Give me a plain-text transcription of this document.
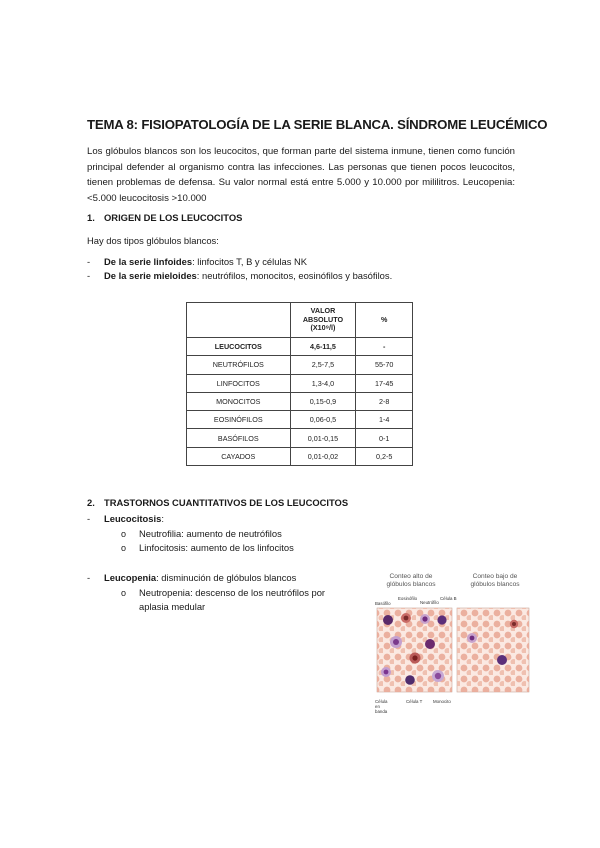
TEMA 8: FISIOPATOLOGÍA DE LA SERIE BLANCA. SÍNDROME LEUCÉMICO
Los glóbulos blancos son los leucocitos, que forman parte del sistema inmune, tienen como función principal defender al organismo contra las infecciones. Las personas que tienen pocos leucocitos, tienen problemas de defensa. Su valor normal está entre 5.000 y 10.000 por mililitros. Leucopenia: <5.000 leucocitosis >10.000
1. ORIGEN DE LOS LEUCOCITOS
Hay dos tipos glóbulos blancos:
- De la serie linfoides: linfocitos T, B y células NK
- De la serie mieloides: neutrófilos, monocitos, eosinófilos y basófilos.
	VALOR ABSOLUTO (X10⁹/l)	%
LEUCOCITOS	4,6-11,5	-
NEUTRÓFILOS	2,5-7,5	55-70
LINFOCITOS	1,3-4,0	17-45
MONOCITOS	0,15-0,9	2-8
EOSINÓFILOS	0,06-0,5	1-4
BASÓFILOS	0,01-0,15	0-1
CAYADOS	0,01-0,02	0,2-5
2. TRASTORNOS CUANTITATIVOS DE LOS LEUCOCITOS
- Leucocitosis:
o Neutrofilia: aumento de neutrófilos
o Linfocitosis: aumento de los linfocitos
- Leucopenia: disminución de glóbulos blancos
o Neutropenia: descenso de los neutrófilos por
aplasia medular
Conteo alto de glóbulos blancos
Conteo bajo de glóbulos blancos
Basófilo
Eosinófilo
Neutrófilo
Célula B
Célula en banda
Célula T Monocito
